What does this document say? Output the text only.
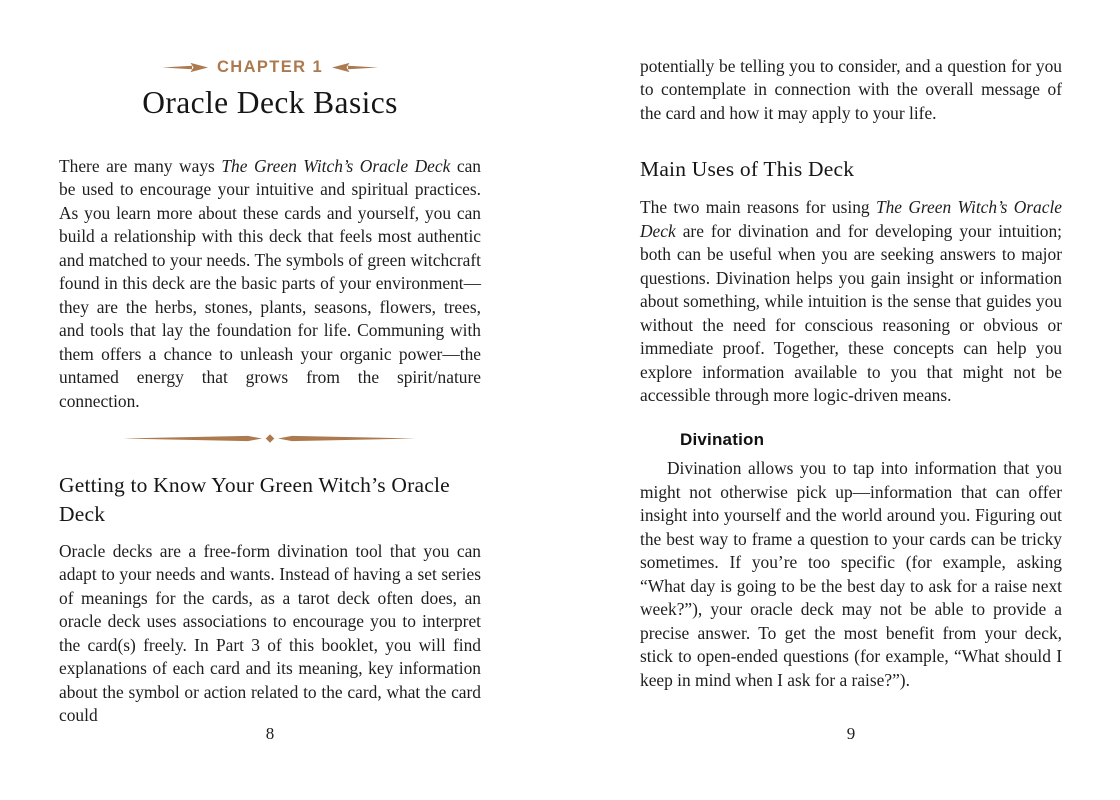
CHAPTER 1
Oracle Deck Basics

There are many ways The Green Witch’s Oracle Deck can be used to encourage your intuitive and spiritual practices. As you learn more about these cards and yourself, you can build a relationship with this deck that feels most authentic and matched to your needs. The symbols of green witchcraft found in this deck are the basic parts of your environment—they are the herbs, stones, plants, seasons, flowers, trees, and tools that lay the foundation for life. Communing with them offers a chance to unleash your organic power—the untamed energy that grows from the spirit/nature connection.

Getting to Know Your Green Witch’s Oracle Deck

Oracle decks are a free-form divination tool that you can adapt to your needs and wants. Instead of having a set series of meanings for the cards, as a tarot deck often does, an oracle deck uses associations to encourage you to interpret the card(s) freely. In Part 3 of this booklet, you will find explanations of each card and its meaning, key information about the symbol or action related to the card, what the card could

8

potentially be telling you to consider, and a question for you to contemplate in connection with the overall message of the card and how it may apply to your life.

Main Uses of This Deck

The two main reasons for using The Green Witch’s Oracle Deck are for divination and for developing your intuition; both can be useful when you are seeking answers to major questions. Divination helps you gain insight or information about something, while intuition is the sense that guides you without the need for conscious reasoning or obvious or immediate proof. Together, these concepts can help you explore information available to you that might not be accessible through more logic-driven means.

Divination

Divination allows you to tap into information that you might not otherwise pick up—information that can offer insight into yourself and the world around you. Figuring out the best way to frame a question to your cards can be tricky sometimes. If you’re too specific (for example, asking “What day is going to be the best day to ask for a raise next week?”), your oracle deck may not be able to provide a precise answer. To get the most benefit from your deck, stick to open-ended questions (for example, “What should I keep in mind when I ask for a raise?”).

9
